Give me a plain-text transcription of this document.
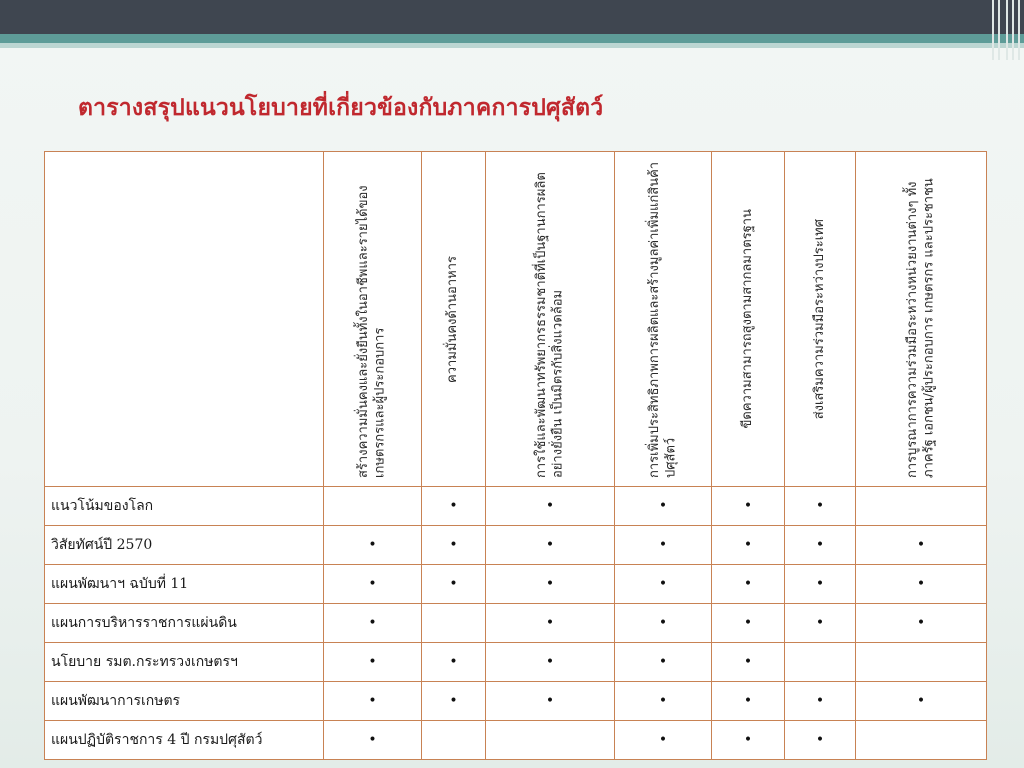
ตารางสรุปแนวนโยบายที่เกี่ยวข้องกับภาคการปศุสัตว์

	สร้างความมั่นคงและยั่งยืนทั้งในอาชีพและรายได้ของเกษตรกรและผู้ประกอบการ	ความมั่นคงด้านอาหาร	การใช้และพัฒนาทรัพยากรธรรมชาติที่เป็นฐานการผลิตอย่างยั่งยืน เป็นมิตรกับสิ่งแวดล้อม	การเพิ่มประสิทธิภาพการผลิตและสร้างมูลค่าเพิ่มแก่สินค้าปศุสัตว์	ขีดความสามารถสูงตามสากลมาตรฐาน	ส่งเสริมความร่วมมือระหว่างประเทศ	การบูรณาการความร่วมมือระหว่างหน่วยงานต่างๆ ทั้งภาครัฐ เอกชน/ผู้ประกอบการ เกษตรกร และประชาชน

แนวโน้มของโลก		•	•	•	•	•	
วิสัยทัศน์ปี 2570	•	•	•	•	•	•	•
แผนพัฒนาฯ ฉบับที่ 11	•	•	•	•	•	•	•
แผนการบริหารราชการแผ่นดิน	•		•	•	•	•	•
นโยบาย รมต.กระทรวงเกษตรฯ	•	•	•	•	•		
แผนพัฒนาการเกษตร	•	•	•	•	•	•	•
แผนปฏิบัติราชการ 4 ปี กรมปศุสัตว์	•			•	•	•	
